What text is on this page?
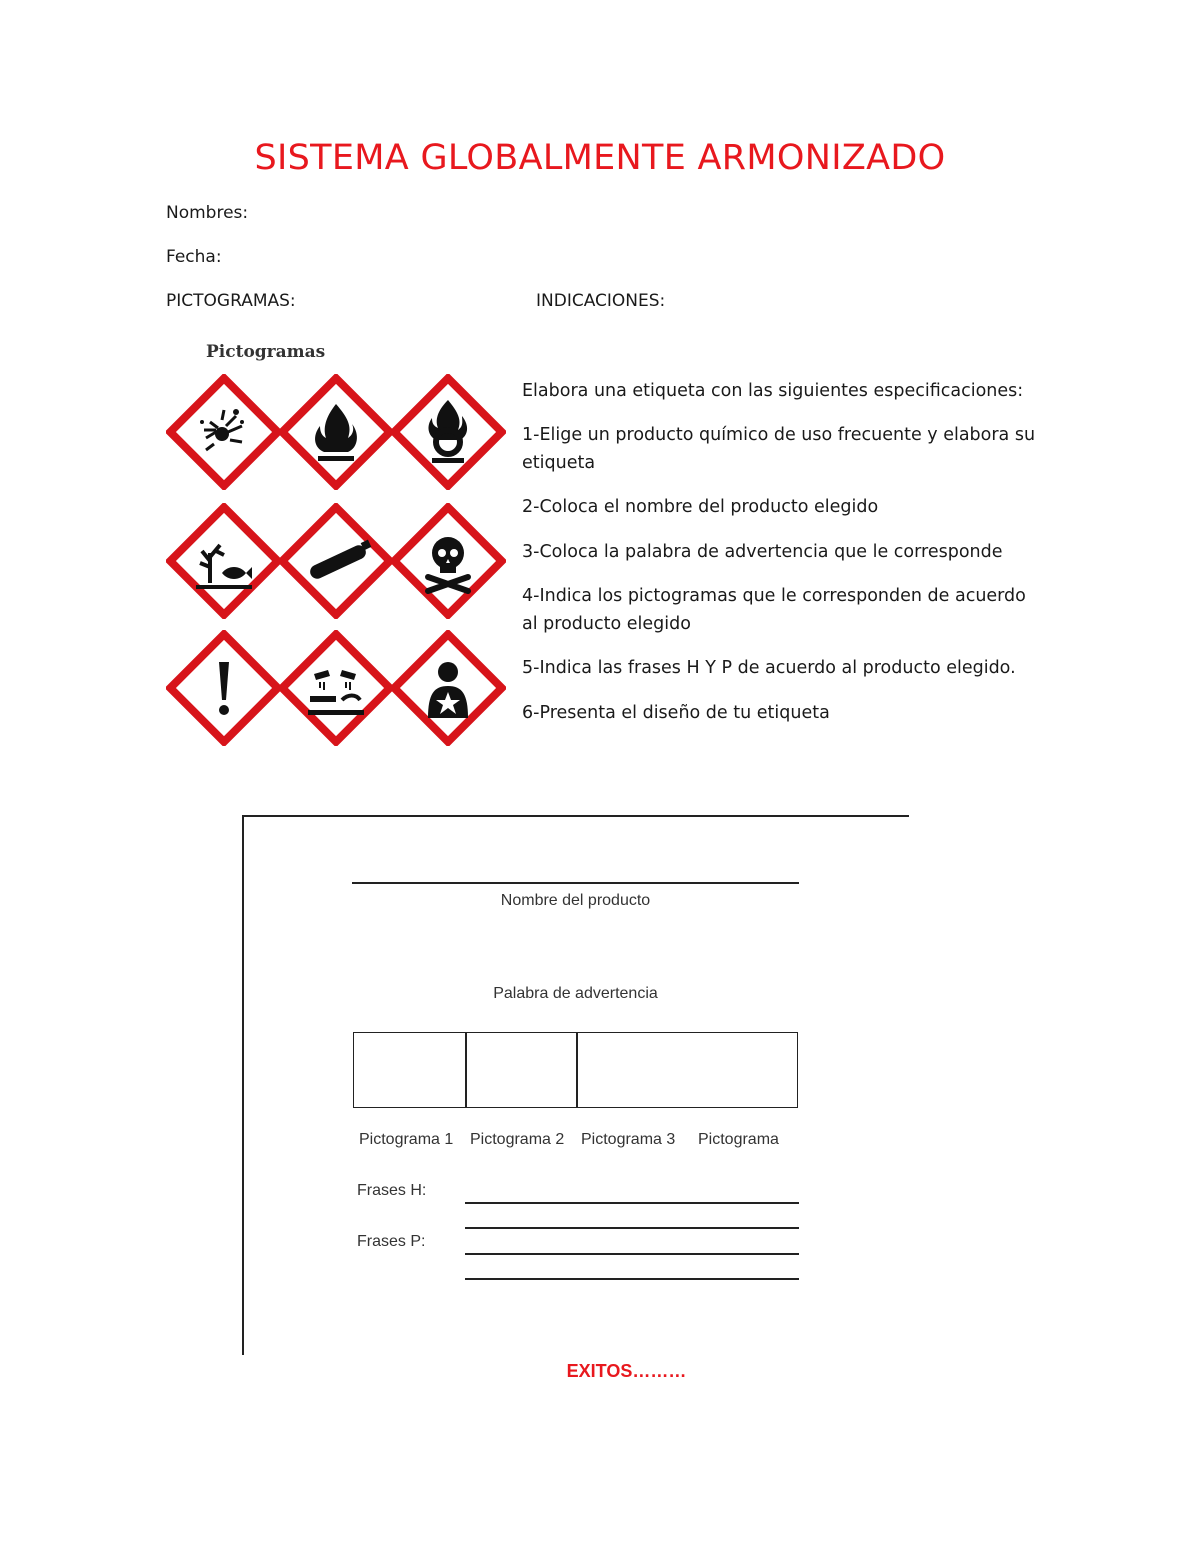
SISTEMA GLOBALMENTE ARMONIZADO
Nombres:
Fecha:
PICTOGRAMAS:	INDICACIONES:
Pictogramas

Elabora una etiqueta con las siguientes especificaciones:

1-Elige un producto químico de uso frecuente y elabora su etiqueta

2-Coloca el nombre del producto elegido

3-Coloca la palabra de advertencia que le corresponde

4-Indica los pictogramas que le corresponden de acuerdo al producto elegido

5-Indica las frases H Y P de acuerdo al producto elegido.

6-Presenta el diseño de tu etiqueta

Nombre del producto
Palabra de advertencia
Pictograma 1 Pictograma 2 Pictograma 3 Pictograma
Frases H:
Frases P:
EXITOS………
